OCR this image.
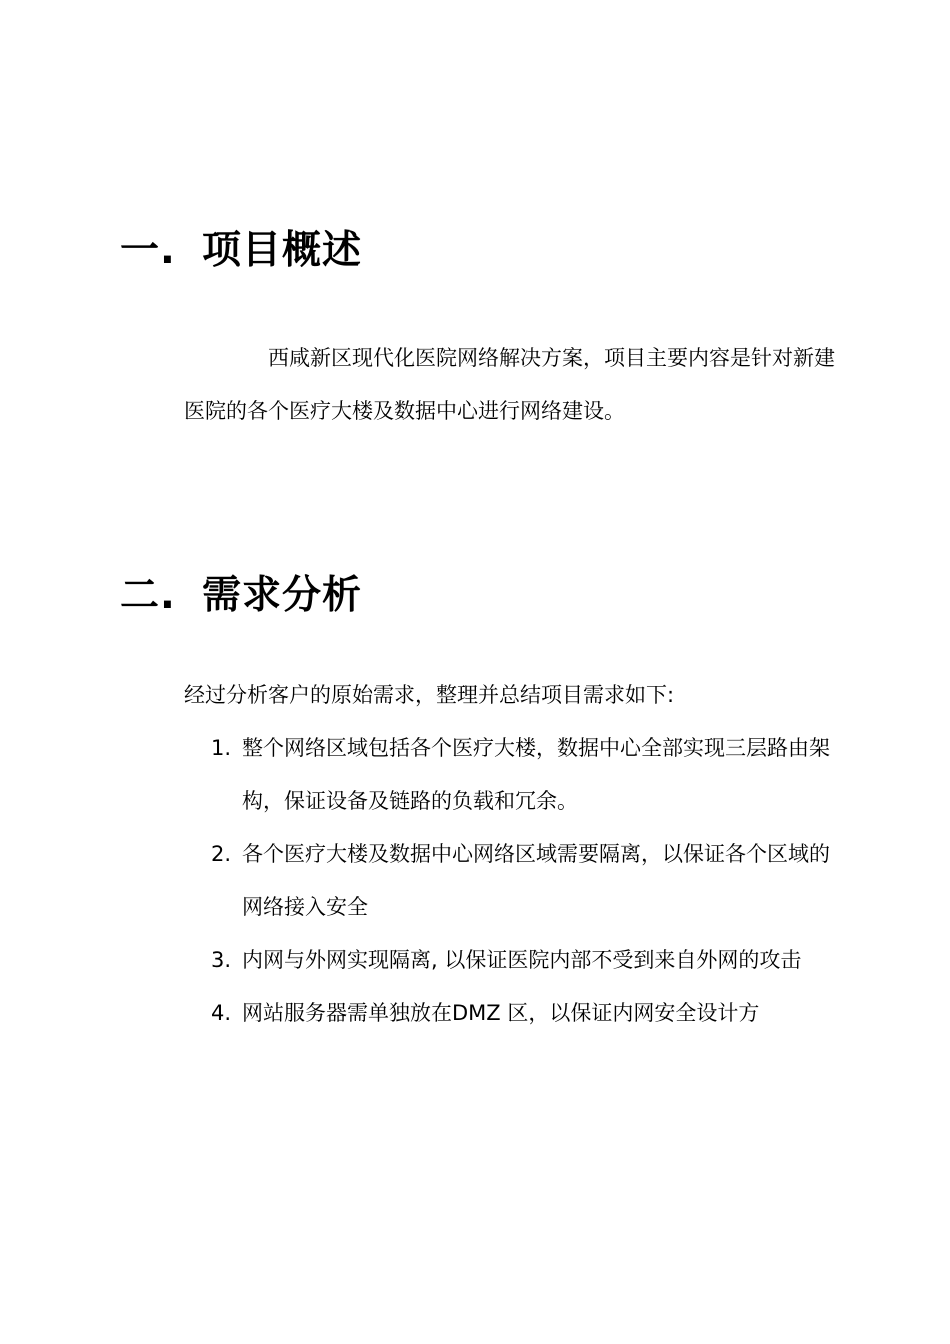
一. 项目概述

西咸新区现代化医院网络解决方案，项目主要内容是针对新建医院的各个医疗大楼及数据中心进行网络建设。

二. 需求分析

经过分析客户的原始需求，整理并总结项目需求如下:

1. 整个网络区域包括各个医疗大楼，数据中心全部实现三层路由架构，保证设备及链路的负载和冗余。
2. 各个医疗大楼及数据中心网络区域需要隔离，以保证各个区域的网络接入安全
3. 内网与外网实现隔离, 以保证医院内部不受到来自外网的攻击
4. 网站服务器需单独放在DMZ 区，以保证内网安全设计方
